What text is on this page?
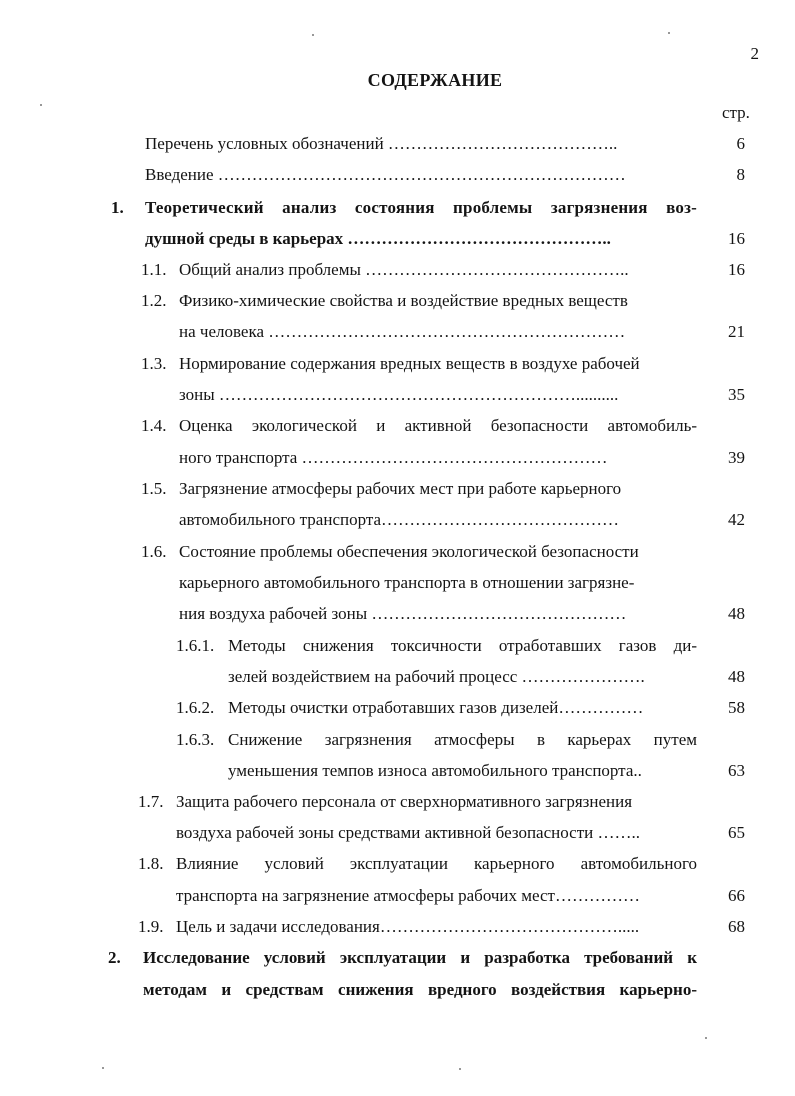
2
СОДЕРЖАНИЕ
стр.
Перечень условных обозначений …………………………………..	6
Введение ………………………………………………………………	8
1. Теоретический анализ состояния проблемы загрязнения воз-
душной среды в карьерах ………………………………………..	16
1.1. Общий анализ проблемы ………………………………………..	16
1.2. Физико-химические свойства и воздействие вредных веществ
на человека ………………………………………………………	21
1.3. Нормирование содержания вредных веществ в воздухе рабочей
зоны ………………………………………………………..........	35
1.4. Оценка экологической и активной безопасности автомобиль-
ного транспорта ………………………………………………	39
1.5. Загрязнение атмосферы рабочих мест при работе карьерного
автомобильного транспорта……………………………………	42
1.6. Состояние проблемы обеспечения экологической безопасности
карьерного автомобильного транспорта в отношении загрязне-
ния воздуха рабочей зоны ………………………………………	48
1.6.1. Методы снижения токсичности отработавших газов ди-
зелей воздействием на рабочий процесс ………………….	48
1.6.2. Методы очистки отработавших газов дизелей……………	58
1.6.3. Снижение загрязнения атмосферы в карьерах путем
уменьшения темпов износа автомобильного транспорта..	63
1.7. Защита рабочего персонала от сверхнормативного загрязнения
воздуха рабочей зоны средствами активной безопасности ……..	65
1.8. Влияние условий эксплуатации карьерного автомобильного
транспорта на загрязнение атмосферы рабочих мест……………	66
1.9. Цель и задачи исследования…………………………………….....	68
2. Исследование условий эксплуатации и разработка требований к
методам и средствам снижения вредного воздействия карьерно-
